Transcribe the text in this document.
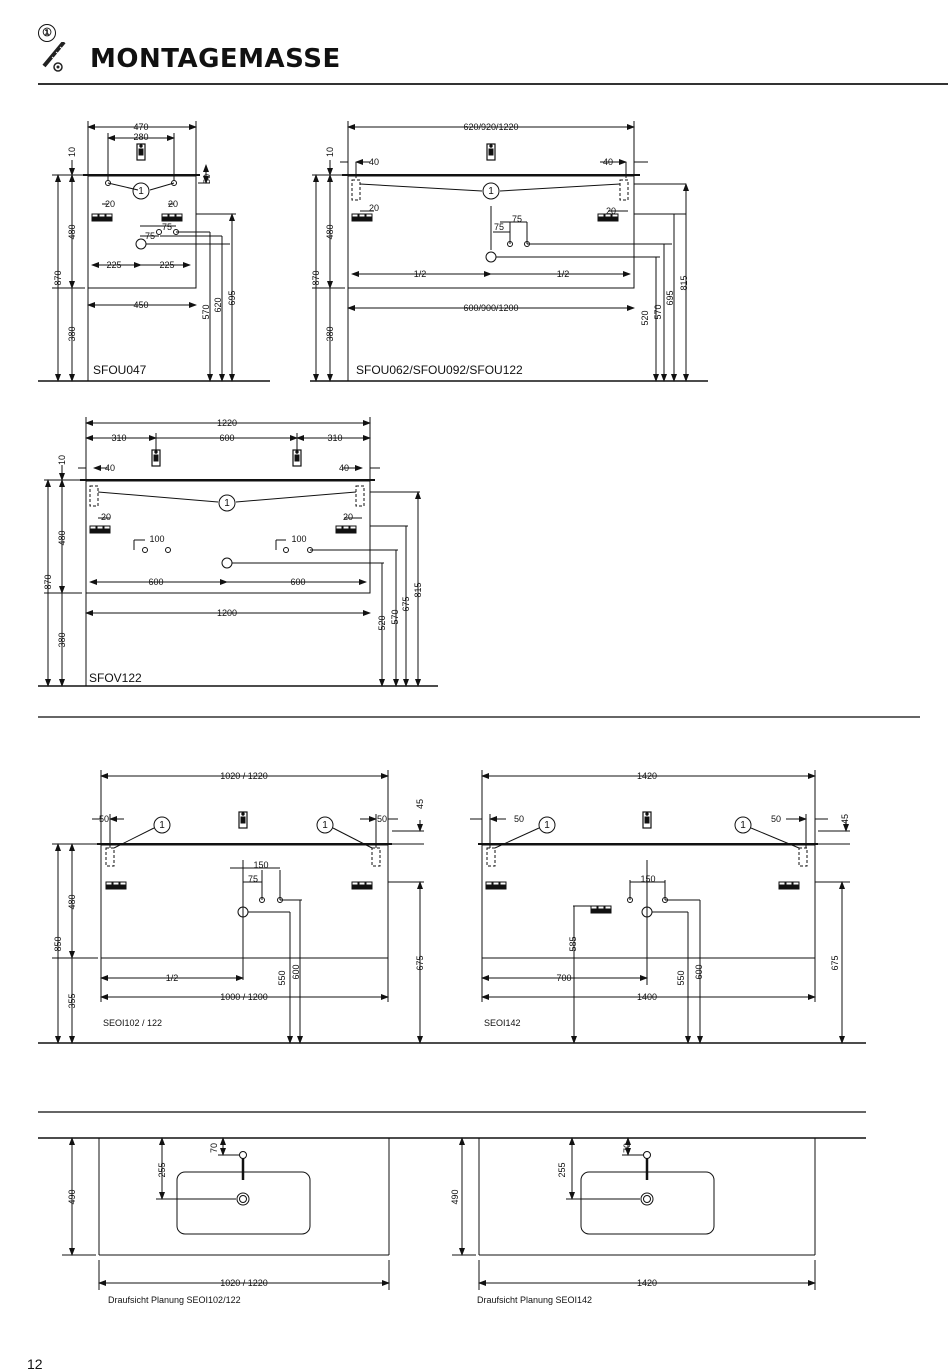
①
MONTAGEMASSE
470
280
1
20	20
75
75
225	225
450
10
480
870
380
50
570 620 695
620/920/1220
40	40
1
20	20
75
75
1/2	1/2
600/900/1200
10
480
870
380
520 570
695
815
1220
310	600	310
40	40
1
20	20
100	100
600	600
1200
10
480
870
380
520 570
675
815
1020 / 1220
50	50
1	1
150
75
1/2
1000 / 1200
850
480
355
550 600
675
45
1420
50	50
1	1
150
700
1400
585
550 600
675
45
490
255
70
1020 / 1220
490
255
70
1420
SFOU047	SFOU062/SFOU092/SFOU122
SFOV122
SEOI102 / 122	SEOI142
Draufsicht Planung SEOI102/122	Draufsicht Planung SEOI142
12
